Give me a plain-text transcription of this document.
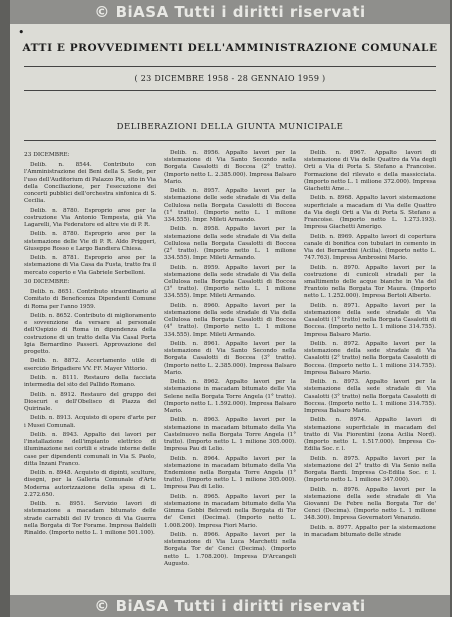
© BiASA Tutti i diritti riservati
•
ATTI E PROVVEDIMENTI DELL'AMMINISTRAZIONE COMUNALE
( 23 DICEMBRE 1958 - 28 GENNAIO 1959 )
DELIBERAZIONI DELLA GIUNTA MUNICIPALE

23 DICEMBRE:

Delib. n. 8544. Contributo con l'Amministrazione dei Beni della S. Sede, per l'uso dell'Auditorium di Palazzo Pio, sito in Via della Conciliazione, per l'esecuzione dei concerti pubblici dell'orchestra sinfonica di S. Cecilia.

Delib. n. 8780. Esproprio aree per la costruzione Via Antonio Tempesta, già Via Lagarelli, Via Federatore ed altre vie di P. R.

Delib. n. 8780. Esproprio aree per la sistemazione delle Vie di P. R. Aldo Priggeri, Giuseppe Rosso e Largo Bandiera Chiesa.

Delib. n. 8781. Esproprio aree per la sistemazione di Via Casa da Fusta, tratto fra il mercato coperto e Via Gabriele Serbelloni.

30 DICEMBRE:

Delib. n. 8651. Contributo straordinario al Comitato di Beneficenza Dipendenti Comune di Roma per l'anno 1959.

Delib. n. 8652. Contributo di miglioramento e sovvenzione da versare al personale dell'Ospizio di Roma in dipendenza della costruzione di un tratto della Via Casal Porta Igia Bernardino Passeri. Approvazione del progetto.

Delib. n. 8872. Accertamento utile di esercizio Brigadiere VV. FF. Mayer Vittorio.

Delib. n. 8111. Restauro della facciata intermedia del sito del Pallido Romano.

Delib. n. 8912. Restauro del gruppo dei Dioscuri e dell'Obelisco di Piazza del Quirinale.

Delib. n. 8913. Acquisto di opere d'arte per i Musei Comunali.

Delib. n. 8943. Appalto dei lavori per l'installazione dell'impianto elettrico di illuminazione nei cortili e strade interne delle case per dipendenti comunali in Via S. Paolo, ditta Inzani Franco.

Delib. n. 8948. Acquisto di dipinti, sculture, disegni, per la Galleria Comunale d'Arte Moderna autorizzazione della spesa di L. 2.272.650.

Delib. n. 8951. Servizio lavori di sistemazione a macadam bitumato delle strade carrabili del IV tronco di Via Guerra nella Borgata di Tor Forame. Impresa Baldelli Rinaldo. (Importo netto L. 1 milione 501.100).

Delib. n. 8956. Appalto lavori per la sistemazione di Via Santo Secondo nella Borgata Casalotti di Boccea (2° tratto). (Importo netto L. 2.385.000). Impresa Balsaro Mario.

Delib. n. 8957. Appalto lavori per la sistemazione delle sede stradale di Via della Cellulosa nella Borgata Casalotti di Boccea (1° tratto). (Importo netto L. 1 milione 334.555). Impr. Mileti Armando.

Delib. n. 8958. Appalto lavori per la sistemazione della sede stradale di Via della Cellulosa nella Borgata Casalotti di Boccea (2° tratto). (Importo netto L. 1 milione 334.555). Impr. Mileti Armando.

Delib. n. 8959. Appalto lavori per la sistemazione della sede stradale di Via della Cellulosa nella Borgata Casalotti di Boccea (3° tratto). (Importo netto L. 1 milione 334.555). Impr. Mileti Armando.

Delib. n. 8960. Appalto lavori per la sistemazione della sede stradale di Via della Cellulosa nella Borgata Casalotti di Boccea (4° tratto). (Importo netto L. 1 milione 334.555). Impr. Mileti Armando.

Delib. n. 8961. Appalto lavori per la sistemazione di Via Santo Secondo nella Borgata Casalotti di Boccea (3° tratto). (Importo netto L. 2.385.000). Impresa Balsaro Mario.

Delib. n. 8962. Appalto lavori per la sistemazione in macadam bitumato delle Via Selene nella Borgata Torre Angela (1° tratto). (Importo netto L. 1.592.000). Impresa Balsaro Mario.

Delib. n. 8963. Appalto lavori per la sistemazione in macadam bitumato della Via Castelnuovo nella Borgata Torre Angela (1° tratto). (Importo netto L. 1 milione 305.000). Impresa Pau di Lelio.

Delib. n. 8964. Appalto lavori per la sistemazione in macadam bitumato della Via Endemione nella Borgata Torre Angela (1° tratto). (Importo netto L. 1 milione 305.000). Impresa Pau di Lelio.

Delib. n. 8965. Appalto lavori per la sistemazione in macadam bitumato della Via Gimma Gobbi Belcredi nella Borgata di Tor de' Cenci (Decima). (Importo netto L. 1.008.200). Impresa Fiori Mario.

Delib. n. 8966. Appalto lavori per la sistemazione di Via Luca Marchetti nella Borgata Tor de' Cenci (Decima). (Importo netto L. 1.708.200). Impresa D'Arcangeli Augusto.

Delib. n. 8967. Appalto lavori di sistemazione di Via delle Quattro da Via degli Orti a Via di Porta S. Stefano a Francoise. Formazione del rilevato e della massicciata. (Importo netto L. 1 milione 372.000). Impresa Giachetti Ame...

Delib. n. 8968. Appalto lavori sistemazione superficiale a macadam di Via delle Quattro da Via degli Orti a Via di Porta S. Stefano a Francoise. (Importo netto L. 1.273.193). Impresa Giachetti Amerigo.

Delib. n. 8969. Appalto lavori di copertura canale di bonifica con tubulari in cemento in Via dei Bernardini (Acilia). (Importo netto L. 747.763). Impresa Ambrosini Mario.

Delib. n. 8970. Appalto lavori per la costruzione di cunicoli stradali per la smaltimento delle acque bianche in Via del Frantoio nella Borgata Tor Maura. (Importo netto L. 1.252.000). Impresa Bertoli Alberto.

Delib. n. 8971. Appalto lavori per la sistemazione della sede stradale di Via Casalotti (1° tratto) nella Borgata Casalotti di Boccea. (Importo netto L. 1 milione 314.755). Impresa Balsaro Mario.

Delib. n. 8972. Appalto lavori per la sistemazione della sede stradale di Via Casalotti (2° tratto) nella Borgata Casalotti di Boccea. (Importo netto L. 1 milione 314.755). Impresa Balsaro Mario.

Delib. n. 8973. Appalto lavori per la sistemazione della sede stradale di Via Casalotti (3° tratto) nella Borgata Casalotti di Boccea. (Importo netto L. 1 milione 314.755). Impresa Balsaro Mario.

Delib. n. 8974. Appalto lavori di sistemazione superficiale in macadam del tratto di Via Fiorentini (zona Acilia Nord). (Importo netto L. 1.517.000). Impresa Co-Edilia Soc. r. l.

Delib. n. 8975. Appalto lavori per la sistemazione del 2° tratto di Via Senio nella Borgata Bardi. Impresa Co-Edilia Soc. r. l. (Importo netto L. 1 milione 347.000).

Delib. n. 8976. Appalto lavori per la sistemazione della sede stradale di Via Giovanni De Febre nella Borgata Tor de' Cenci (Decima). (Importo netto L. 1 milione 348.300). Impresa Governatori Venanzio.

Delib. n. 8977. Appalto per la sistemazione in macadam bitumato delle strade

© BiASA Tutti i diritti riservati
